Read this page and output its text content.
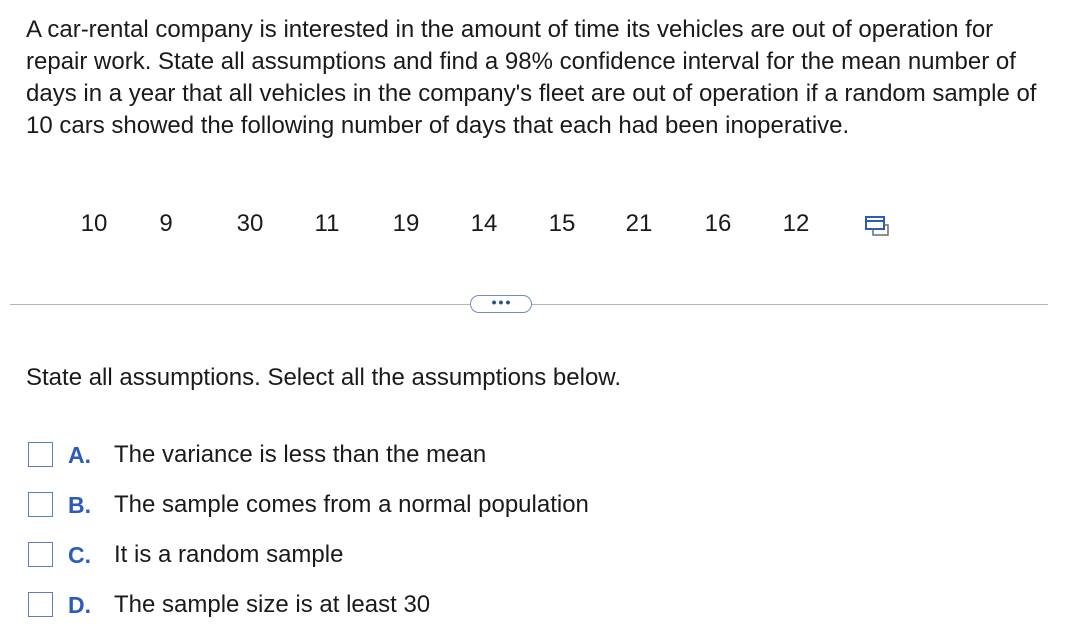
A car-rental company is interested in the amount of time its vehicles are out of operation for repair work. State all assumptions and find a 98% confidence interval for the mean number of days in a year that all vehicles in the company's fleet are out of operation if a random sample of 10 cars showed the following number of days that each had been inoperative.

10	9	30	11	19 14 15 21 16 12
•••

State all assumptions. Select all the assumptions below.

A. The variance is less than the mean
B. The sample comes from a normal population
C. It is a random sample
D. The sample size is at least 30
